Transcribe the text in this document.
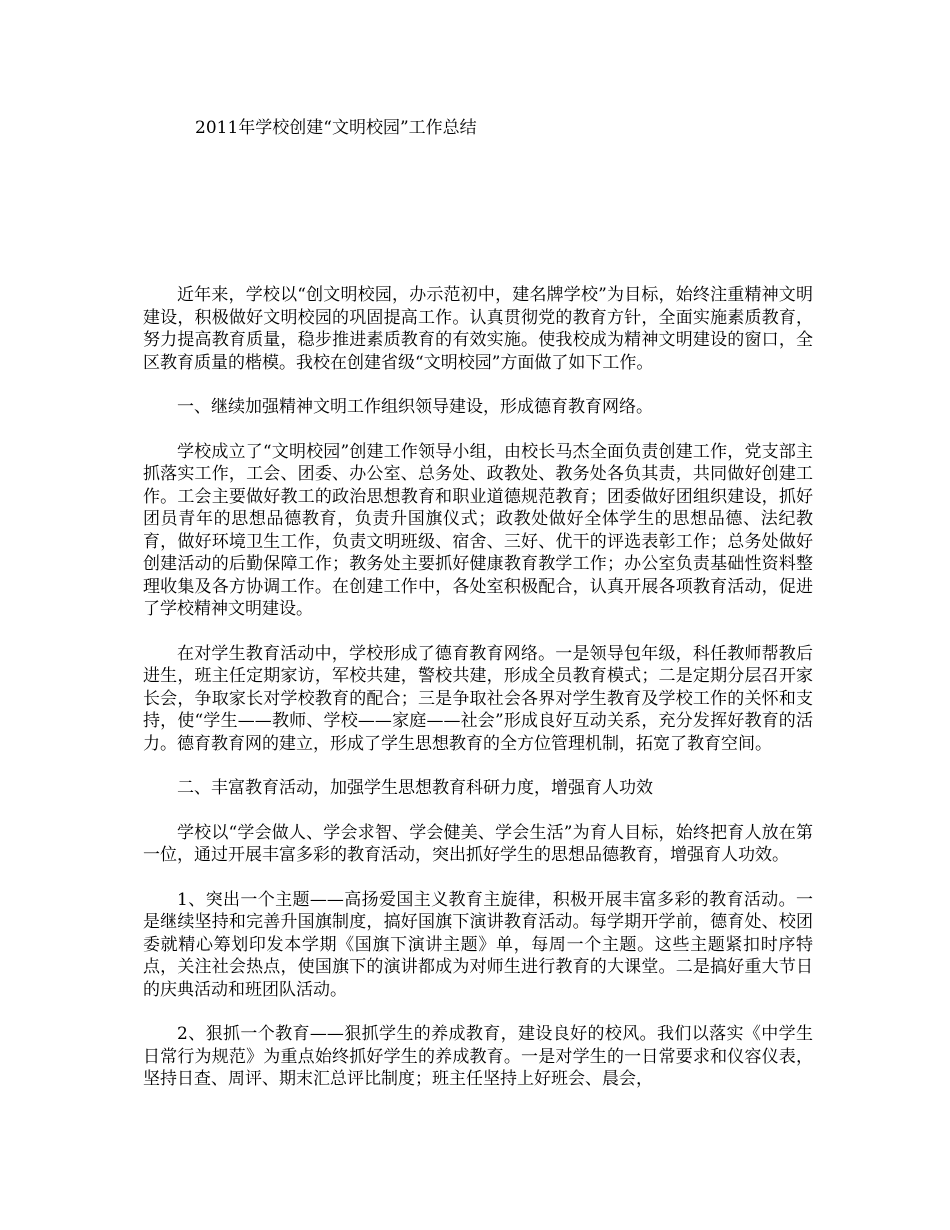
2011年学校创建“文明校园”工作总结

近年来，学校以“创文明校园，办示范初中，建名牌学校”为目标，始终注重精神文明建设，积极做好文明校园的巩固提高工作。认真贯彻党的教育方针，全面实施素质教育，努力提高教育质量，稳步推进素质教育的有效实施。使我校成为精神文明建设的窗口，全区教育质量的楷模。我校在创建省级“文明校园”方面做了如下工作。

一、继续加强精神文明工作组织领导建设，形成德育教育网络。

学校成立了“文明校园”创建工作领导小组，由校长马杰全面负责创建工作，党支部主抓落实工作，工会、团委、办公室、总务处、政教处、教务处各负其责，共同做好创建工作。工会主要做好教工的政治思想教育和职业道德规范教育；团委做好团组织建设，抓好团员青年的思想品德教育，负责升国旗仪式；政教处做好全体学生的思想品德、法纪教育，做好环境卫生工作，负责文明班级、宿舍、三好、优干的评选表彰工作；总务处做好创建活动的后勤保障工作；教务处主要抓好健康教育教学工作；办公室负责基础性资料整理收集及各方协调工作。在创建工作中，各处室积极配合，认真开展各项教育活动，促进了学校精神文明建设。

在对学生教育活动中，学校形成了德育教育网络。一是领导包年级，科任教师帮教后进生，班主任定期家访，军校共建，警校共建，形成全员教育模式；二是定期分层召开家长会，争取家长对学校教育的配合；三是争取社会各界对学生教育及学校工作的关怀和支持，使“学生——教师、学校——家庭——社会”形成良好互动关系，充分发挥好教育的活力。德育教育网的建立，形成了学生思想教育的全方位管理机制，拓宽了教育空间。

二、丰富教育活动，加强学生思想教育科研力度，增强育人功效

学校以“学会做人、学会求智、学会健美、学会生活”为育人目标，始终把育人放在第一位，通过开展丰富多彩的教育活动，突出抓好学生的思想品德教育，增强育人功效。

1、突出一个主题——高扬爱国主义教育主旋律，积极开展丰富多彩的教育活动。一是继续坚持和完善升国旗制度，搞好国旗下演讲教育活动。每学期开学前，德育处、校团委就精心筹划印发本学期《国旗下演讲主题》单，每周一个主题。这些主题紧扣时序特点，关注社会热点，使国旗下的演讲都成为对师生进行教育的大课堂。二是搞好重大节日的庆典活动和班团队活动。

2、狠抓一个教育——狠抓学生的养成教育，建设良好的校风。我们以落实《中学生日常行为规范》为重点始终抓好学生的养成教育。一是对学生的一日常要求和仪容仪表，坚持日查、周评、期末汇总评比制度；班主任坚持上好班会、晨会，
